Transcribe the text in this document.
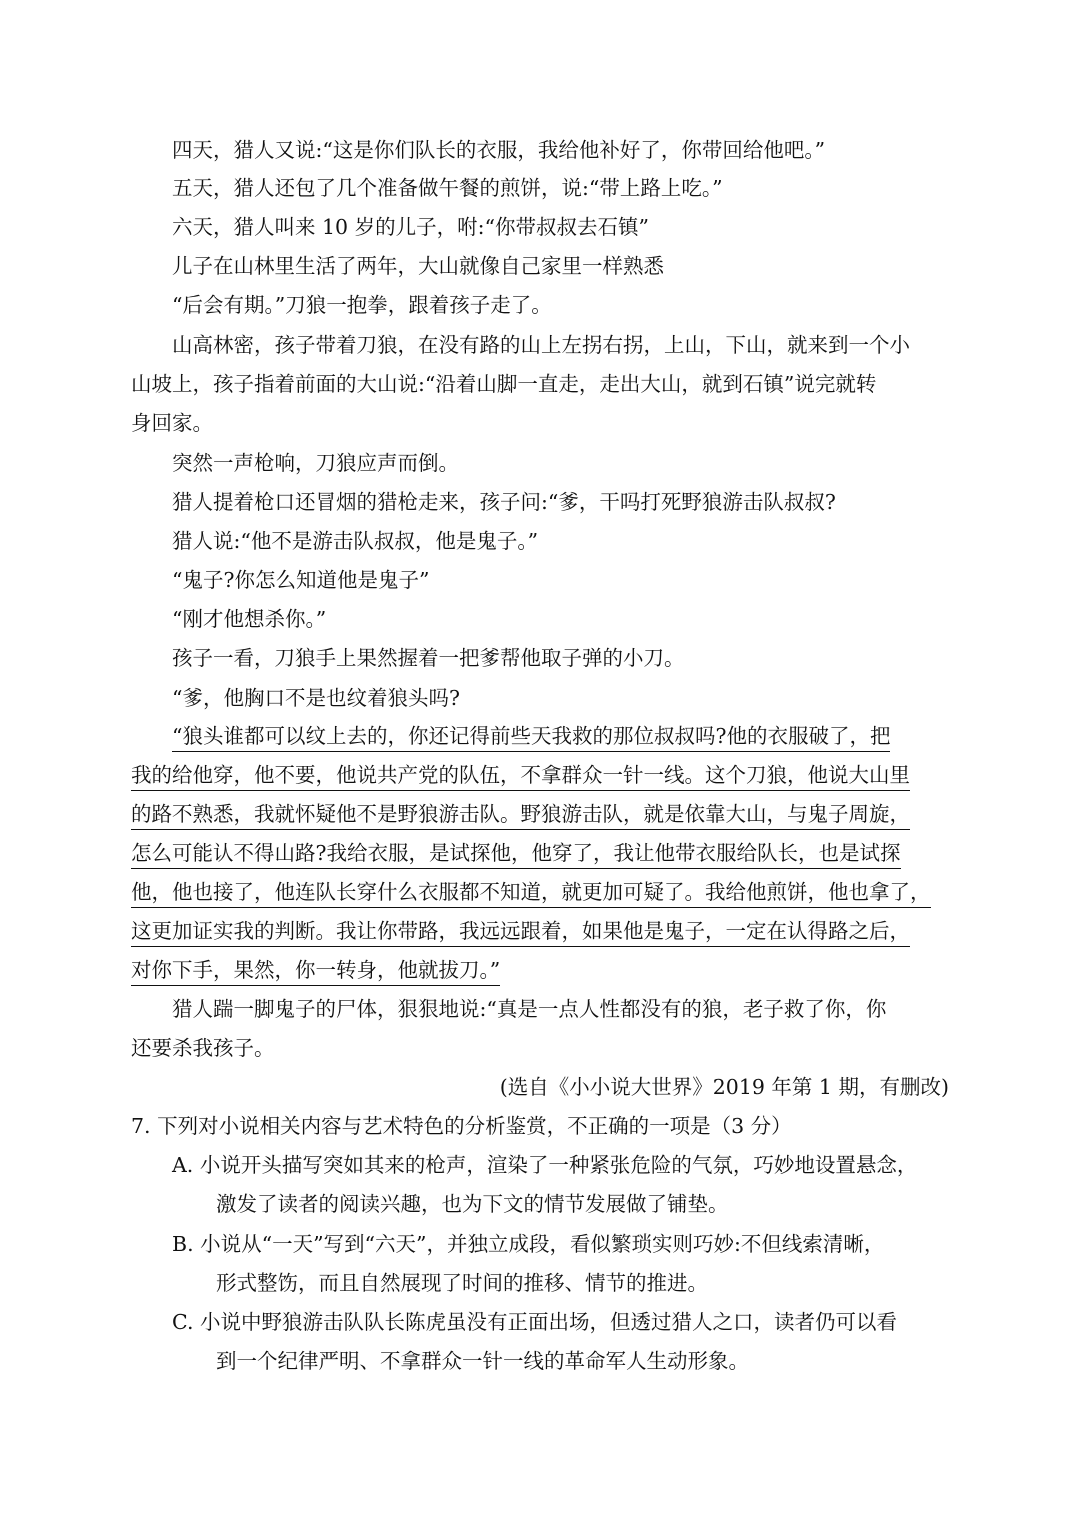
四天，猎人又说:“这是你们队长的衣服，我给他补好了，你带回给他吧。”
五天，猎人还包了几个准备做午餐的煎饼，说:“带上路上吃。”
六天，猎人叫来 10 岁的儿子，咐:“你带叔叔去石镇”
儿子在山林里生活了两年，大山就像自己家里一样熟悉
“后会有期。”刀狼一抱拳，跟着孩子走了。
山高林密，孩子带着刀狼，在没有路的山上左拐右拐，上山，下山，就来到一个小
山坡上，孩子指着前面的大山说:“沿着山脚一直走，走出大山，就到石镇”说完就转
身回家。
突然一声枪响，刀狼应声而倒。
猎人提着枪口还冒烟的猎枪走来，孩子问:“爹，干吗打死野狼游击队叔叔?
猎人说:“他不是游击队叔叔，他是鬼子。”
“鬼子?你怎么知道他是鬼子”
“刚才他想杀你。”
孩子一看，刀狼手上果然握着一把爹帮他取子弹的小刀。
“爹，他胸口不是也纹着狼头吗?
“狼头谁都可以纹上去的，你还记得前些天我救的那位叔叔吗?他的衣服破了，把
我的给他穿，他不要，他说共产党的队伍，不拿群众一针一线。这个刀狼，他说大山里
的路不熟悉，我就怀疑他不是野狼游击队。野狼游击队，就是依靠大山，与鬼子周旋，
怎么可能认不得山路?我给衣服，是试探他，他穿了，我让他带衣服给队长，也是试探
他，他也接了，他连队长穿什么衣服都不知道，就更加可疑了。我给他煎饼，他也拿了，
这更加证实我的判断。我让你带路，我远远跟着，如果他是鬼子，一定在认得路之后，
对你下手，果然，你一转身，他就拔刀。”
猎人踹一脚鬼子的尸体，狠狠地说:“真是一点人性都没有的狼，老子救了你，你
还要杀我孩子。
(选自《小小说大世界》2019 年第 1 期，有删改)
7. 下列对小说相关内容与艺术特色的分析鉴赏，不正确的一项是（3 分）
A. 小说开头描写突如其来的枪声，渲染了一种紧张危险的气氛，巧妙地设置悬念，
激发了读者的阅读兴趣，也为下文的情节发展做了铺垫。
B. 小说从“一天”写到“六天”，并独立成段，看似繁琐实则巧妙:不但线索清晰，
形式整饬，而且自然展现了时间的推移、情节的推进。
C. 小说中野狼游击队队长陈虎虽没有正面出场，但透过猎人之口，读者仍可以看
到一个纪律严明、不拿群众一针一线的革命军人生动形象。
